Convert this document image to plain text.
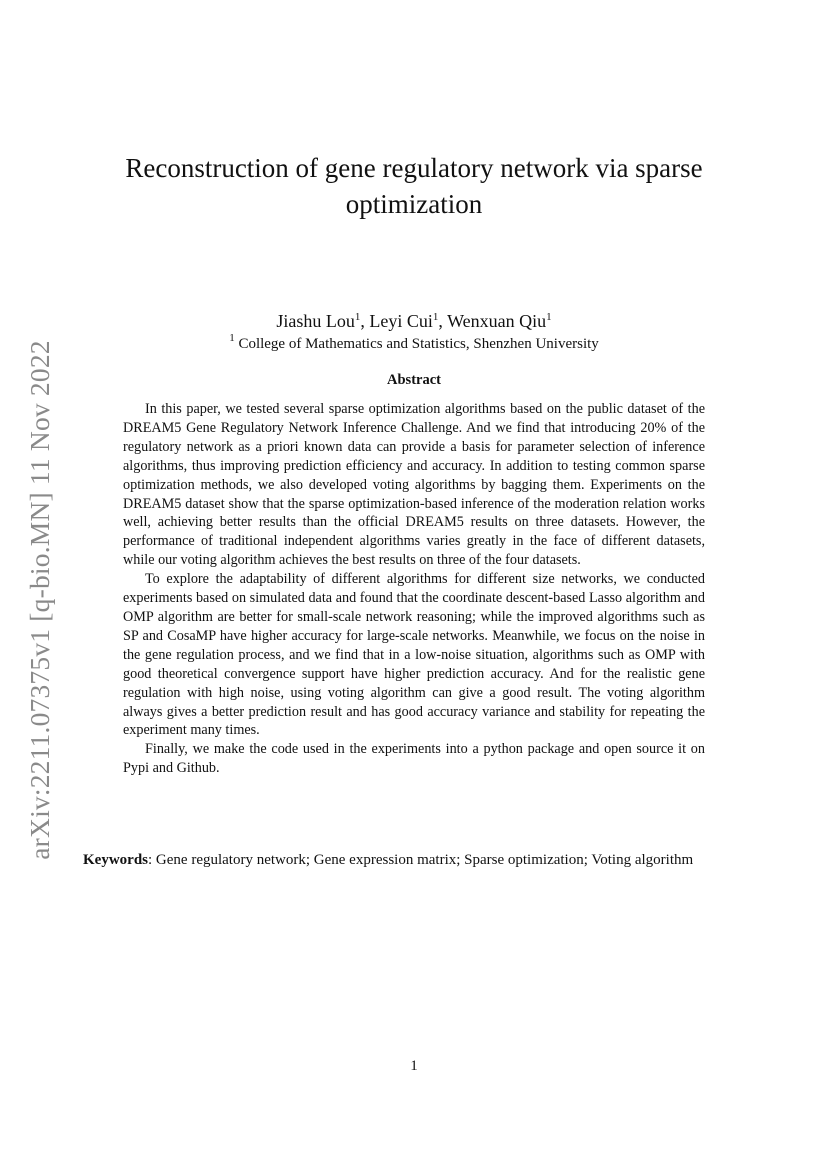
arXiv:2211.07375v1 [q-bio.MN] 11 Nov 2022
Reconstruction of gene regulatory network via sparse optimization
Jiashu Lou$^1$, Leyi Cui$^1$, Wenxuan Qiu$^1$
$^1$ College of Mathematics and Statistics, Shenzhen University
Abstract

In this paper, we tested several sparse optimization algorithms based on the public dataset of the DREAM5 Gene Regulatory Network Inference Challenge. And we find that introducing 20% of the regulatory network as a priori known data can provide a basis for parameter selection of inference algorithms, thus improving prediction efficiency and accuracy. In addition to testing common sparse optimization methods, we also developed voting algorithms by bagging them. Experiments on the DREAM5 dataset show that the sparse optimization-based inference of the moderation relation works well, achieving better results than the official DREAM5 results on three datasets. However, the performance of traditional independent algorithms varies greatly in the face of different datasets, while our voting algorithm achieves the best results on three of the four datasets.

To explore the adaptability of different algorithms for different size networks, we conducted experiments based on simulated data and found that the coordinate descent-based Lasso algorithm and OMP algorithm are better for small-scale network reasoning; while the improved algorithms such as SP and CosaMP have higher accuracy for large-scale networks. Meanwhile, we focus on the noise in the gene regulation process, and we find that in a low-noise situation, algorithms such as OMP with good theoretical convergence support have higher prediction accuracy. And for the realistic gene regulation with high noise, using voting algorithm can give a good result. The voting algorithm always gives a better prediction result and has good accuracy variance and stability for repeating the experiment many times.

Finally, we make the code used in the experiments into a python package and open source it on Pypi and Github.

Keywords: Gene regulatory network; Gene expression matrix; Sparse optimization; Voting algorithm
1
